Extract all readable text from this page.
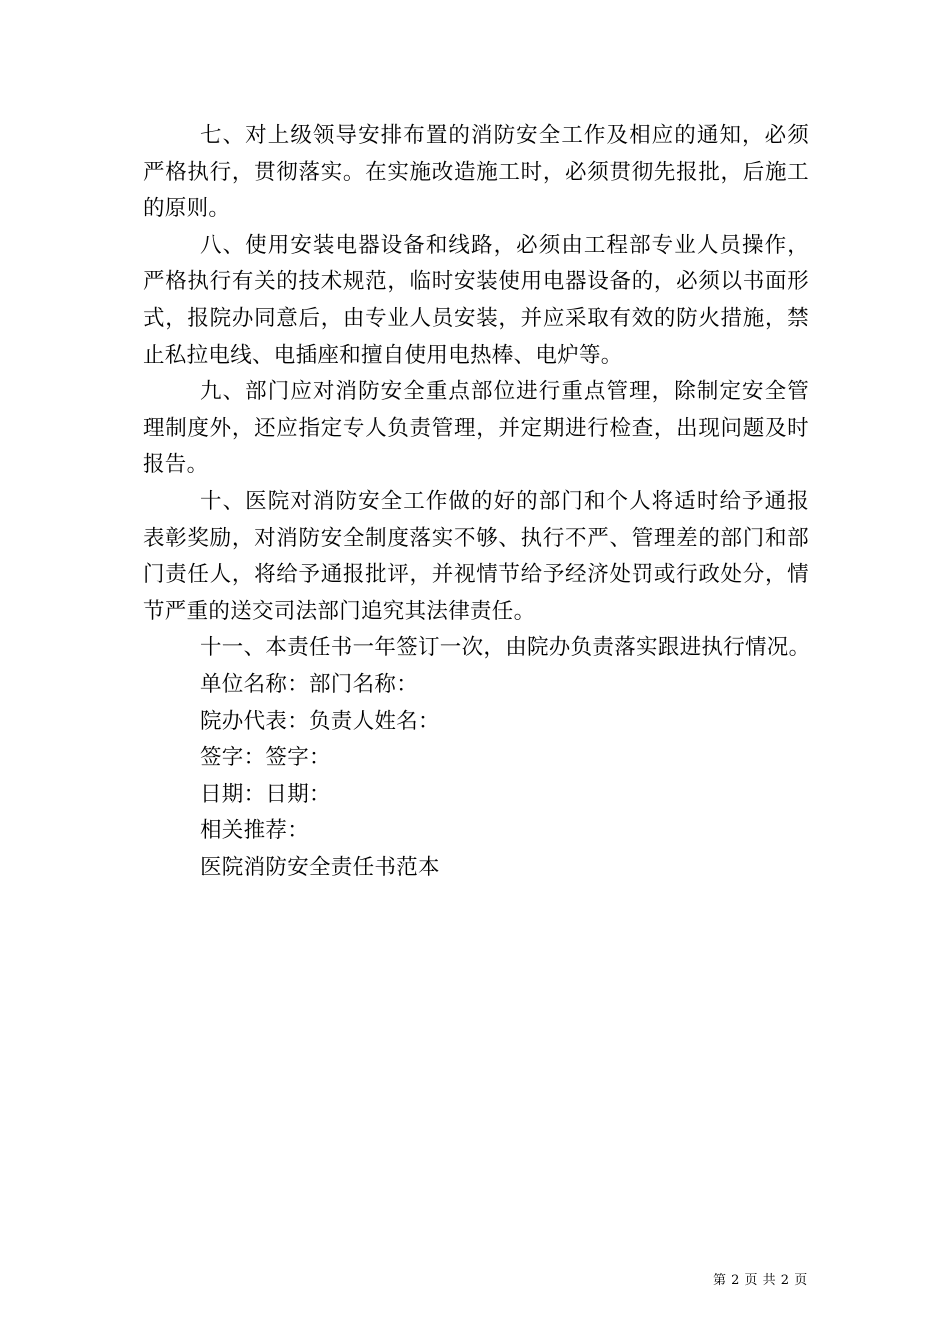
七、对上级领导安排布置的消防安全工作及相应的通知，必须严格执行，贯彻落实。在实施改造施工时，必须贯彻先报批，后施工的原则。

八、使用安装电器设备和线路，必须由工程部专业人员操作，严格执行有关的技术规范，临时安装使用电器设备的，必须以书面形式，报院办同意后，由专业人员安装，并应采取有效的防火措施，禁止私拉电线、电插座和擅自使用电热棒、电炉等。

九、部门应对消防安全重点部位进行重点管理，除制定安全管理制度外，还应指定专人负责管理，并定期进行检查，出现问题及时报告。

十、医院对消防安全工作做的好的部门和个人将适时给予通报表彰奖励，对消防安全制度落实不够、执行不严、管理差的部门和部门责任人，将给予通报批评，并视情节给予经济处罚或行政处分，情节严重的送交司法部门追究其法律责任。

十一、本责任书一年签订一次，由院办负责落实跟进执行情况。

单位名称：部门名称：

院办代表：负责人姓名：

签字：签字：

日期：日期：

相关推荐：

医院消防安全责任书范本

第 2 页 共 2 页
